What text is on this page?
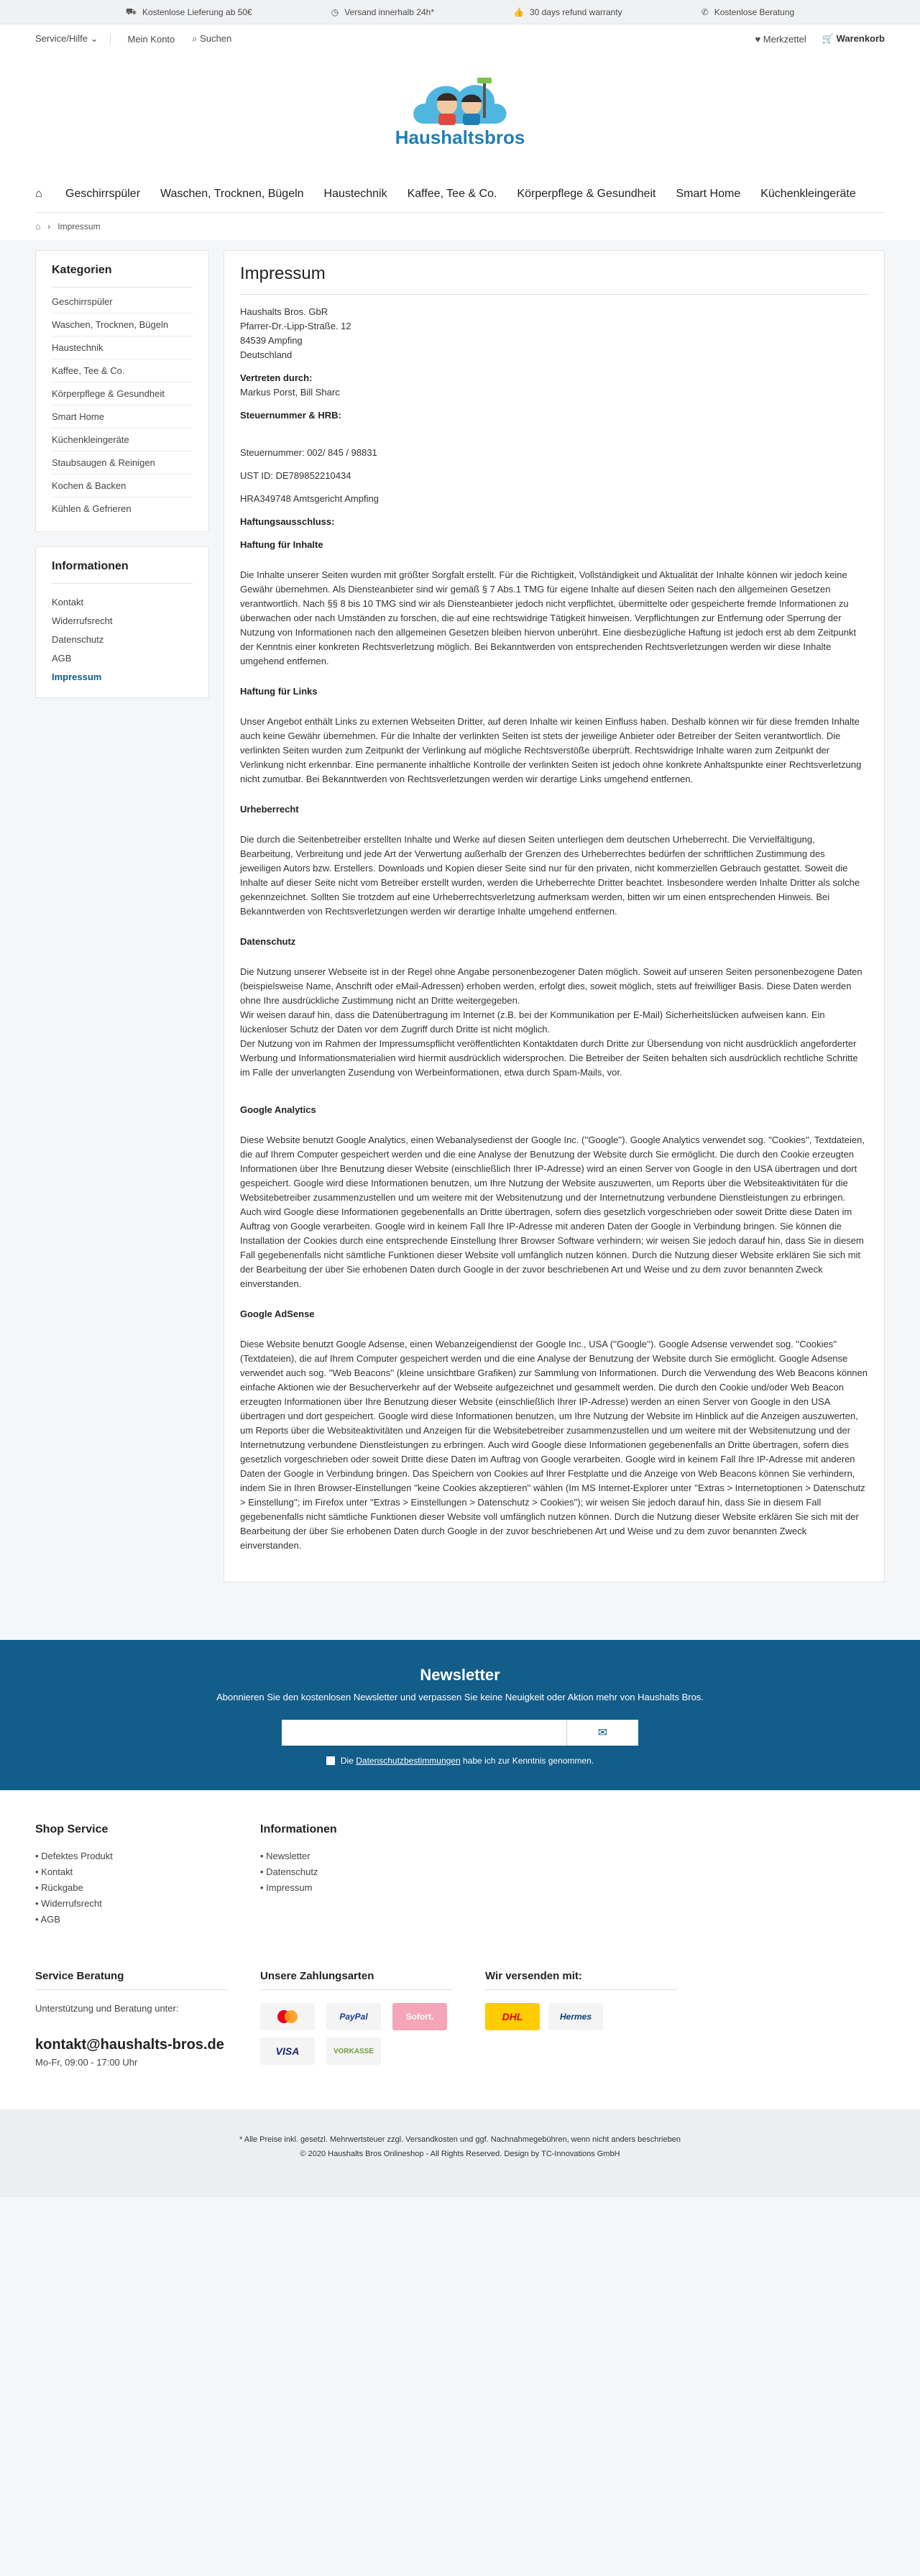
⛟ Kostenlose Lieferung ab 50€	◷ Versand innerhalb 24h*	👍 30 days refund warranty	✆ Kostenlose Beratung
Service/Hilfe ⌄	Mein Konto ⌕ Suchen	♥ Merkzettel 🛒 Warenkorb
Haushaltsbros
⌂ Geschirrspüler Waschen, Trocknen, Bügeln Haustechnik Kaffee, Tee & Co. Körperpflege & Gesundheit Smart Home Küchenkleingeräte
⌂ › Impressum
Kategorien
Geschirrspüler
Waschen, Trocknen, Bügeln
Haustechnik
Kaffee, Tee & Co.
Körperpflege & Gesundheit
Smart Home
Küchenkleingeräte
Staubsaugen & Reinigen
Kochen & Backen
Kühlen & Gefrieren
Informationen
Kontakt
Widerrufsrecht
Datenschutz
AGB
Impressum
Impressum
Haushalts Bros. GbR
Pfarrer-Dr.-Lipp-Straße. 12
84539 Ampfing
Deutschland
Vertreten durch:
Markus Porst, Bill Sharc
Steuernummer & HRB:
Steuernummer: 002/ 845 / 98831
UST ID: DE789852210434
HRA349748 Amtsgericht Ampfing
Haftungsausschluss:
Haftung für Inhalte
Die Inhalte unserer Seiten wurden mit größter Sorgfalt erstellt. Für die Richtigkeit, Vollständigkeit und Aktualität der Inhalte können wir jedoch keine Gewähr übernehmen. Als Diensteanbieter sind wir gemäß § 7 Abs.1 TMG für eigene Inhalte auf diesen Seiten nach den allgemeinen Gesetzen verantwortlich. Nach §§ 8 bis 10 TMG sind wir als Diensteanbieter jedoch nicht verpflichtet, übermittelte oder gespeicherte fremde Informationen zu überwachen oder nach Umständen zu forschen, die auf eine rechtswidrige Tätigkeit hinweisen. Verpflichtungen zur Entfernung oder Sperrung der Nutzung von Informationen nach den allgemeinen Gesetzen bleiben hiervon unberührt. Eine diesbezügliche Haftung ist jedoch erst ab dem Zeitpunkt der Kenntnis einer konkreten Rechtsverletzung möglich. Bei Bekanntwerden von entsprechenden Rechtsverletzungen werden wir diese Inhalte umgehend entfernen.
Haftung für Links
Unser Angebot enthält Links zu externen Webseiten Dritter, auf deren Inhalte wir keinen Einfluss haben. Deshalb können wir für diese fremden Inhalte auch keine Gewähr übernehmen. Für die Inhalte der verlinkten Seiten ist stets der jeweilige Anbieter oder Betreiber der Seiten verantwortlich. Die verlinkten Seiten wurden zum Zeitpunkt der Verlinkung auf mögliche Rechtsverstöße überprüft. Rechtswidrige Inhalte waren zum Zeitpunkt der Verlinkung nicht erkennbar. Eine permanente inhaltliche Kontrolle der verlinkten Seiten ist jedoch ohne konkrete Anhaltspunkte einer Rechtsverletzung nicht zumutbar. Bei Bekanntwerden von Rechtsverletzungen werden wir derartige Links umgehend entfernen.
Urheberrecht
Die durch die Seitenbetreiber erstellten Inhalte und Werke auf diesen Seiten unterliegen dem deutschen Urheberrecht. Die Vervielfältigung, Bearbeitung, Verbreitung und jede Art der Verwertung außerhalb der Grenzen des Urheberrechtes bedürfen der schriftlichen Zustimmung des jeweiligen Autors bzw. Erstellers. Downloads und Kopien dieser Seite sind nur für den privaten, nicht kommerziellen Gebrauch gestattet. Soweit die Inhalte auf dieser Seite nicht vom Betreiber erstellt wurden, werden die Urheberrechte Dritter beachtet. Insbesondere werden Inhalte Dritter als solche gekennzeichnet. Sollten Sie trotzdem auf eine Urheberrechtsverletzung aufmerksam werden, bitten wir um einen entsprechenden Hinweis. Bei Bekanntwerden von Rechtsverletzungen werden wir derartige Inhalte umgehend entfernen.
Datenschutz
Die Nutzung unserer Webseite ist in der Regel ohne Angabe personenbezogener Daten möglich. Soweit auf unseren Seiten personenbezogene Daten (beispielsweise Name, Anschrift oder eMail-Adressen) erhoben werden, erfolgt dies, soweit möglich, stets auf freiwilliger Basis. Diese Daten werden ohne Ihre ausdrückliche Zustimmung nicht an Dritte weitergegeben.
Wir weisen darauf hin, dass die Datenübertragung im Internet (z.B. bei der Kommunikation per E-Mail) Sicherheitslücken aufweisen kann. Ein lückenloser Schutz der Daten vor dem Zugriff durch Dritte ist nicht möglich.
Der Nutzung von im Rahmen der Impressumspflicht veröffentlichten Kontaktdaten durch Dritte zur Übersendung von nicht ausdrücklich angeforderter Werbung und Informationsmaterialien wird hiermit ausdrücklich widersprochen. Die Betreiber der Seiten behalten sich ausdrücklich rechtliche Schritte im Falle der unverlangten Zusendung von Werbeinformationen, etwa durch Spam-Mails, vor.
Google Analytics
Diese Website benutzt Google Analytics, einen Webanalysedienst der Google Inc. (''Google''). Google Analytics verwendet sog. ''Cookies'', Textdateien, die auf Ihrem Computer gespeichert werden und die eine Analyse der Benutzung der Website durch Sie ermöglicht. Die durch den Cookie erzeugten Informationen über Ihre Benutzung dieser Website (einschließlich Ihrer IP-Adresse) wird an einen Server von Google in den USA übertragen und dort gespeichert. Google wird diese Informationen benutzen, um Ihre Nutzung der Website auszuwerten, um Reports über die Websiteaktivitäten für die Websitebetreiber zusammenzustellen und um weitere mit der Websitenutzung und der Internetnutzung verbundene Dienstleistungen zu erbringen. Auch wird Google diese Informationen gegebenenfalls an Dritte übertragen, sofern dies gesetzlich vorgeschrieben oder soweit Dritte diese Daten im Auftrag von Google verarbeiten. Google wird in keinem Fall Ihre IP-Adresse mit anderen Daten der Google in Verbindung bringen. Sie können die Installation der Cookies durch eine entsprechende Einstellung Ihrer Browser Software verhindern; wir weisen Sie jedoch darauf hin, dass Sie in diesem Fall gegebenenfalls nicht sämtliche Funktionen dieser Website voll umfänglich nutzen können. Durch die Nutzung dieser Website erklären Sie sich mit der Bearbeitung der über Sie erhobenen Daten durch Google in der zuvor beschriebenen Art und Weise und zu dem zuvor benannten Zweck einverstanden.
Google AdSense
Diese Website benutzt Google Adsense, einen Webanzeigendienst der Google Inc., USA (''Google''). Google Adsense verwendet sog. ''Cookies'' (Textdateien), die auf Ihrem Computer gespeichert werden und die eine Analyse der Benutzung der Website durch Sie ermöglicht. Google Adsense verwendet auch sog. ''Web Beacons'' (kleine unsichtbare Grafiken) zur Sammlung von Informationen. Durch die Verwendung des Web Beacons können einfache Aktionen wie der Besucherverkehr auf der Webseite aufgezeichnet und gesammelt werden. Die durch den Cookie und/oder Web Beacon erzeugten Informationen über Ihre Benutzung dieser Website (einschließlich Ihrer IP-Adresse) werden an einen Server von Google in den USA übertragen und dort gespeichert. Google wird diese Informationen benutzen, um Ihre Nutzung der Website im Hinblick auf die Anzeigen auszuwerten, um Reports über die Websiteaktivitäten und Anzeigen für die Websitebetreiber zusammenzustellen und um weitere mit der Websitenutzung und der Internetnutzung verbundene Dienstleistungen zu erbringen. Auch wird Google diese Informationen gegebenenfalls an Dritte übertragen, sofern dies gesetzlich vorgeschrieben oder soweit Dritte diese Daten im Auftrag von Google verarbeiten. Google wird in keinem Fall Ihre IP-Adresse mit anderen Daten der Google in Verbindung bringen. Das Speichern von Cookies auf Ihrer Festplatte und die Anzeige von Web Beacons können Sie verhindern, indem Sie in Ihren Browser-Einstellungen ''keine Cookies akzeptieren'' wählen (Im MS Internet-Explorer unter ''Extras > Internetoptionen > Datenschutz > Einstellung''; im Firefox unter ''Extras > Einstellungen > Datenschutz > Cookies''); wir weisen Sie jedoch darauf hin, dass Sie in diesem Fall gegebenenfalls nicht sämtliche Funktionen dieser Website voll umfänglich nutzen können. Durch die Nutzung dieser Website erklären Sie sich mit der Bearbeitung der über Sie erhobenen Daten durch Google in der zuvor beschriebenen Art und Weise und zu dem zuvor benannten Zweck einverstanden.
Newsletter
Abonnieren Sie den kostenlosen Newsletter und verpassen Sie keine Neuigkeit oder Aktion mehr von Haushalts Bros.
✉
Die Datenschutzbestimmungen habe ich zur Kenntnis genommen.
Shop Service
• Defektes Produkt
• Kontakt
• Rückgabe
• Widerrufsrecht
• AGB
Informationen
• Newsletter
• Datenschutz
• Impressum
Service Beratung
Unterstützung und Beratung unter:
kontakt@haushalts-bros.de
Mo-Fr, 09:00 - 17:00 Uhr
Unsere Zahlungsarten
PayPal	Sofort.
VISA	VORKASSE
Wir versenden mit:
DHL	Hermes
* Alle Preise inkl. gesetzl. Mehrwertsteuer zzgl. Versandkosten und ggf. Nachnahmegebühren, wenn nicht anders beschrieben
© 2020 Haushalts Bros Onlineshop - All Rights Reserved. Design by TC-Innovations GmbH
